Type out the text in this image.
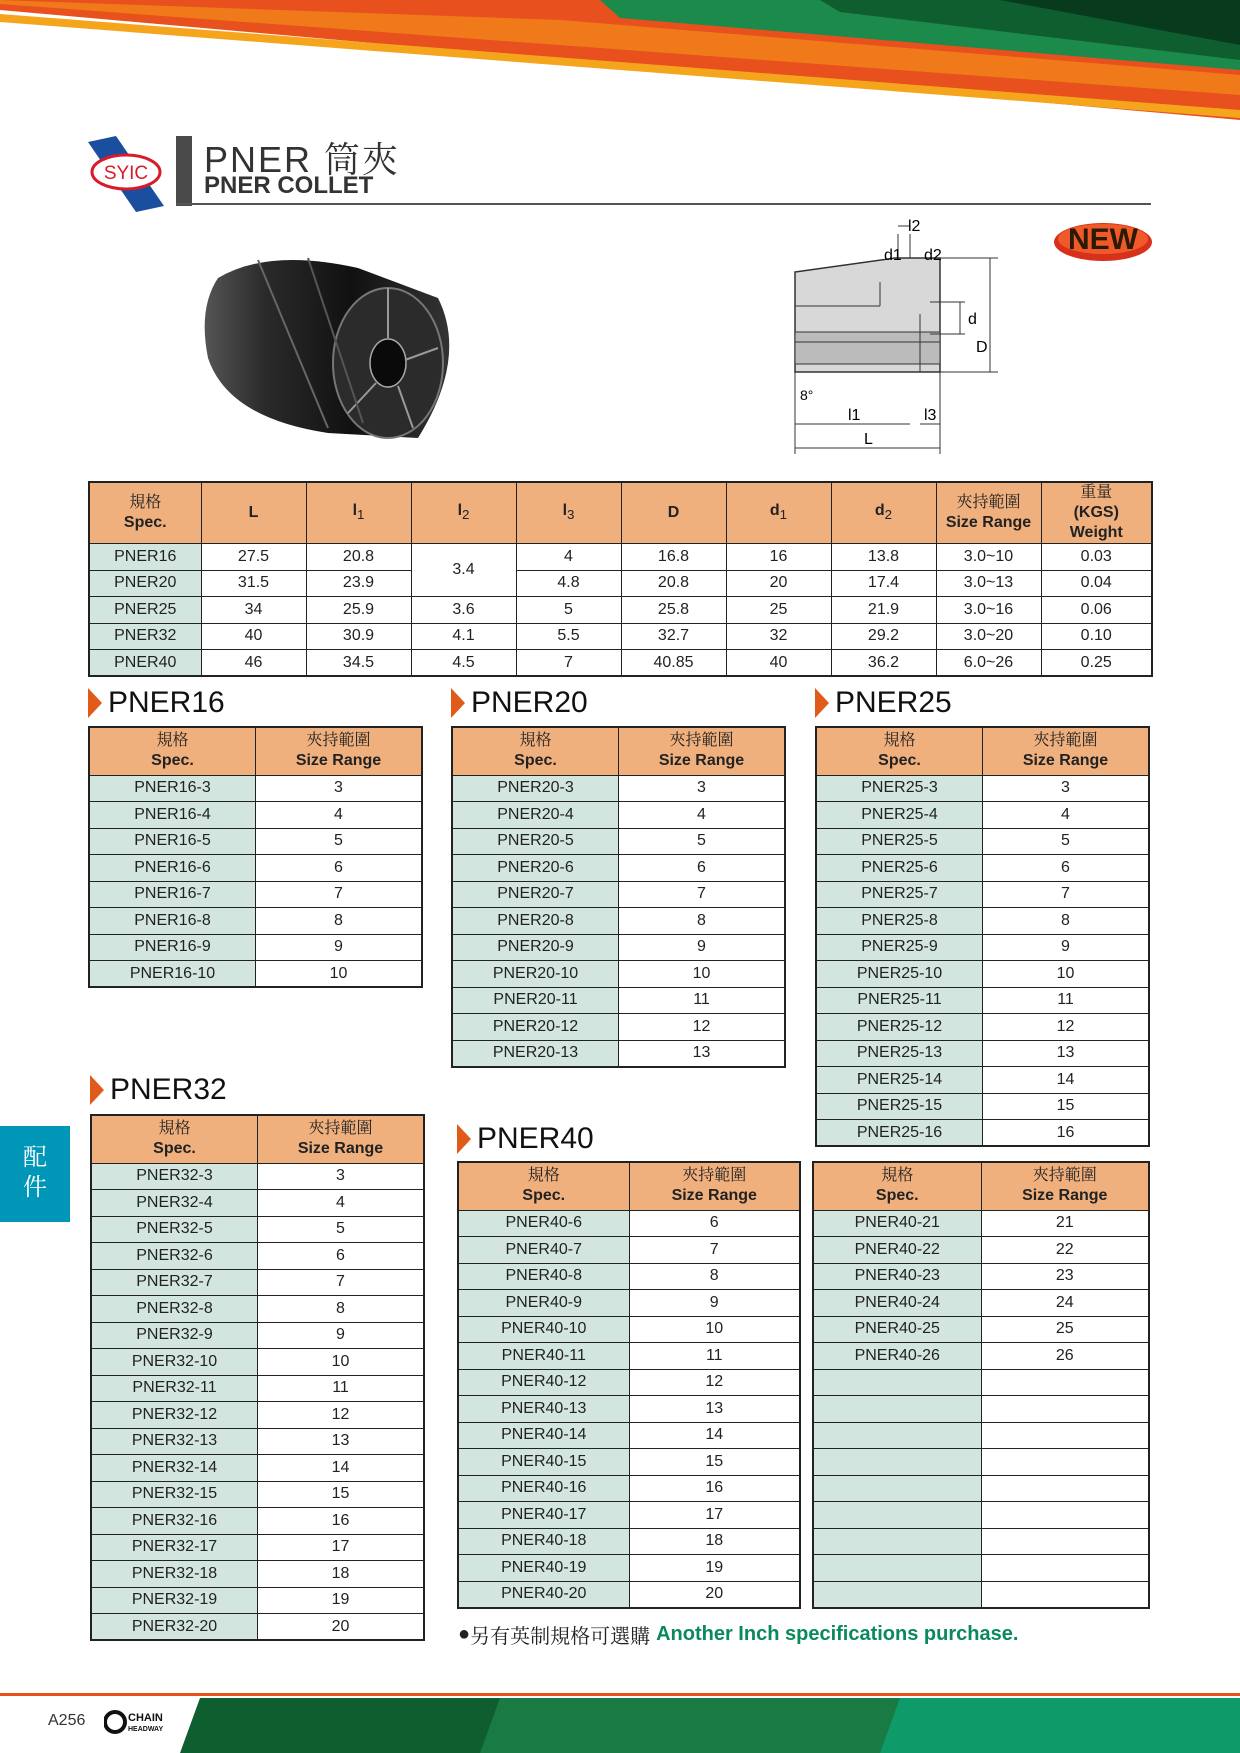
SYIC PNER 筒夾
PNER COLLET
NEW
l2
d1 d2
d
D
8°
l1	l3
L
規格
Spec.	L	$l_1$	$l_2$	$l_3$	D	$d_1$	$d_2$	夾持範圍
Size Range	重量
(KGS)
Weight
PNER16	27.5	20.8	3.4	4	16.8	16	13.8	3.0~10	0.03
PNER20	31.5	23.9		4.8	20.8	20	17.4	3.0~13	0.04
PNER25	34	25.9	3.6	5	25.8	25	21.9	3.0~16	0.06
PNER32	40	30.9	4.1	5.5	32.7	32	29.2	3.0~20	0.10
PNER40	46	34.5	4.5	7	40.85	40	36.2	6.0~26	0.25
PNER16	PNER20	PNER25
PNER32
PNER40
規格
Spec.	夾持範圍
Size Range
PNER16-3	3
PNER16-4	4
PNER16-5	5
PNER16-6	6
PNER16-7	7
PNER16-8	8
PNER16-9	9
PNER16-10	10
規格
Spec.	夾持範圍
Size Range
PNER20-3	3
PNER20-4	4
PNER20-5	5
PNER20-6	6
PNER20-7	7
PNER20-8	8
PNER20-9	9
PNER20-10	10
PNER20-11	11
PNER20-12	12
PNER20-13	13
規格
Spec.	夾持範圍
Size Range
PNER25-3	3
PNER25-4	4
PNER25-5	5
PNER25-6	6
PNER25-7	7
PNER25-8	8
PNER25-9	9
PNER25-10	10
PNER25-11	11
PNER25-12	12
PNER25-13	13
PNER25-14	14
PNER25-15	15
PNER25-16	16
規格
Spec.	夾持範圍
Size Range
PNER32-3	3
PNER32-4	4
PNER32-5	5
PNER32-6	6
PNER32-7	7
PNER32-8	8
PNER32-9	9
PNER32-10	10
PNER32-11	11
PNER32-12	12
PNER32-13	13
PNER32-14	14
PNER32-15	15
PNER32-16	16
PNER32-17	17
PNER32-18	18
PNER32-19	19
PNER32-20	20
規格
Spec.	夾持範圍
Size Range
PNER40-6	6
PNER40-7	7
PNER40-8	8
PNER40-9	9
PNER40-10	10
PNER40-11	11
PNER40-12	12
PNER40-13	13
PNER40-14	14
PNER40-15	15
PNER40-16	16
PNER40-17	17
PNER40-18	18
PNER40-19	19
PNER40-20	20
規格
Spec.	夾持範圍
Size Range
PNER40-21	21
PNER40-22	22
PNER40-23	23
PNER40-24	24
PNER40-25	25
PNER40-26	26

配
件
● 另有英制規格可選購 Another Inch specifications purchase.
A256	CHAIN
HEADWAY
